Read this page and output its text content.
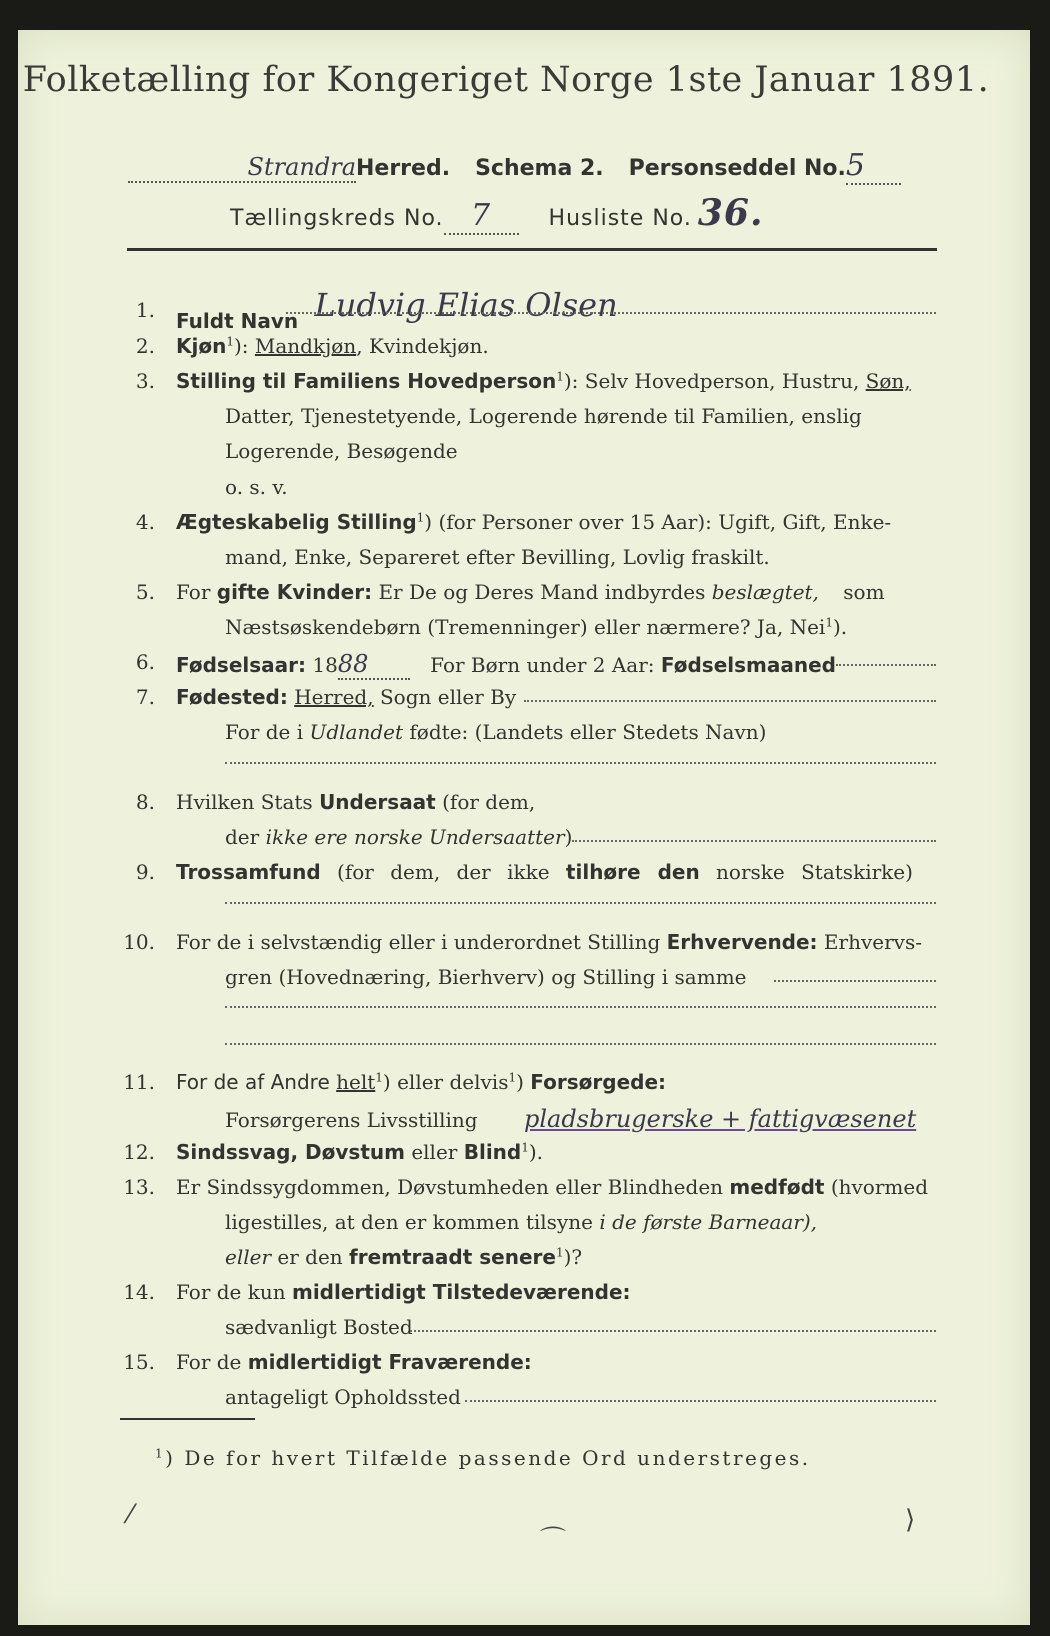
Folketælling for Kongeriget Norge 1ste Januar 1891.
StrandraHerred. Schema 2. Personseddel No.5
Tællingskreds No. 7	Husliste No. 36.
1. Fuldt Navn Ludvig Elias Olsen
2. Kjøn$^1$): Mandkjøn, Kvindekjøn.
3. Stilling til Familiens Hovedperson$^1$): Selv Hovedperson, Hustru, Søn,
Datter, Tjenestetyende, Logerende hørende til Familien, enslig
Logerende, Besøgende
o. s. v.
4. Ægteskabelig Stilling$^1$) (for Personer over 15 Aar): Ugift, Gift, Enke-
mand, Enke, Separeret efter Bevilling, Lovlig fraskilt.
5. For gifte Kvinder: Er De og Deres Mand indbyrdes beslægtet, som
Næstsøskendebørn (Tremenninger) eller nærmere? Ja, Nei$^1$).
6. Fødselsaar: 1888	For Børn under 2 Aar: Fødselsmaaned
7. Fødested: Herred, Sogn eller By
For de i Udlandet fødte: (Landets eller Stedets Navn)
8. Hvilken Stats Undersaat (for dem,
der ikke ere norske Undersaatter)
9. Trossamfund (for dem, der ikke tilhøre den norske Statskirke)
10. For de i selvstændig eller i underordnet Stilling Erhvervende: Erhvervs-
gren (Hovednæring, Bierhverv) og Stilling i samme
11. For de af Andre helt$^1$) eller delvis$^1$) Forsørgede:
Forsørgerens Livsstilling pladsbrugerske + fattigvæsenet
12. Sindssvag, Døvstum eller Blind$^1$).
13. Er Sindssygdommen, Døvstumheden eller Blindheden medfødt (hvormed
ligestilles, at den er kommen tilsyne i de første Barneaar),
eller er den fremtraadt senere$^1$)?
14. For de kun midlertidigt Tilstedeværende:
sædvanligt Bosted
15. For de midlertidigt Fraværende:
antageligt Opholdssted
$^1$) De for hvert Tilfælde passende Ord understreges.
⁄
⌒
⟩
